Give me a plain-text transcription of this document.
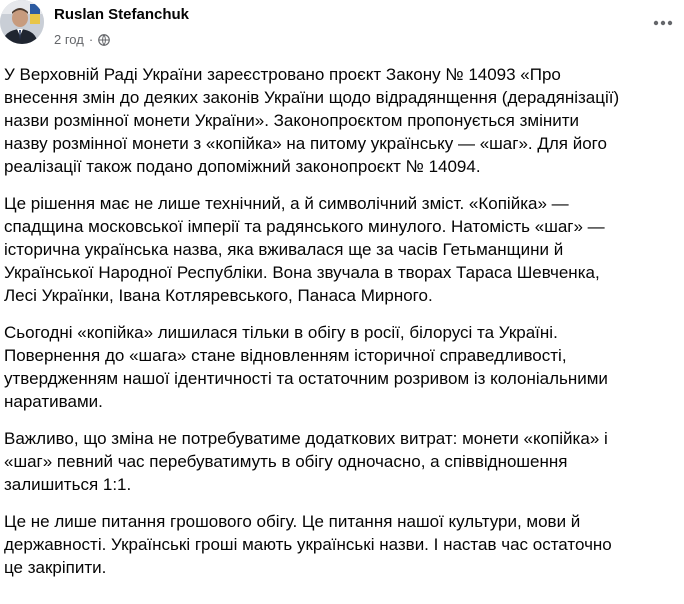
Ruslan Stefanchuk
2 год ·

У Верховній Раді України зареєстровано проєкт Закону № 14093 «Про
внесення змін до деяких законів України щодо відрадянщення (дерадянізації)
назви розмінної монети України». Законопроєктом пропонується змінити
назву розмінної монети з «копійка» на питому українську — «шаг». Для його
реалізації також подано допоміжний законопроєкт № 14094.

Це рішення має не лише технічний, а й символічний зміст. «Копійка» —
спадщина московської імперії та радянського минулого. Натомість «шаг» —
історична українська назва, яка вживалася ще за часів Гетьманщини й
Української Народної Республіки. Вона звучала в творах Тараса Шевченка,
Лесі Українки, Івана Котляревського, Панаса Мирного.

Сьогодні «копійка» лишилася тільки в обігу в росії, білорусі та Україні.
Повернення до «шага» стане відновленням історичної справедливості,
утвердженням нашої ідентичності та остаточним розривом із колоніальними
наративами.

Важливо, що зміна не потребуватиме додаткових витрат: монети «копійка» і
«шаг» певний час перебуватимуть в обігу одночасно, а співвідношення
залишиться 1:1.

Це не лише питання грошового обігу. Це питання нашої культури, мови й
державності. Українські гроші мають українські назви. І настав час остаточно
це закріпити.
